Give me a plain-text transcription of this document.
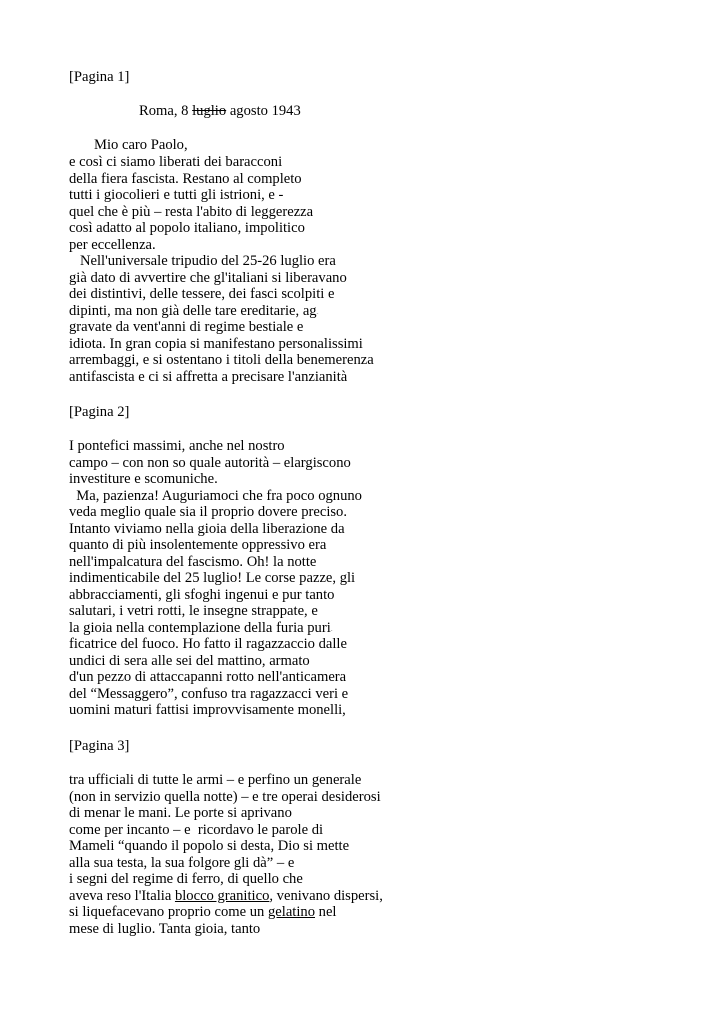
[Pagina 1]
Roma, 8 luglio agosto 1943
Mio caro Paolo,
e così ci siamo liberati dei baracconi
della fiera fascista. Restano al completo
tutti i giocolieri e tutti gli istrioni, e -
quel che è più – resta l'abito di leggerezza
così adatto al popolo italiano, impolitico
per eccellenza.
Nell'universale tripudio del 25-26 luglio era
già dato di avvertire che gl'italiani si liberavano
dei distintivi, delle tessere, dei fasci scolpiti e
dipinti, ma non già delle tare ereditarie, ag-
gravate da vent'anni di regime bestiale e
idiota. In gran copia si manifestano personalissimi
arrembaggi, e si ostentano i titoli della benemerenza
antifascista e ci si affretta a precisare l'anzianità
[Pagina 2]
I pontefici massimi, anche nel nostro
campo – con non so quale autorità – elargiscono
investiture e scomuniche.
Ma, pazienza! Auguriamoci che fra poco ognuno
veda meglio quale sia il proprio dovere preciso.
Intanto viviamo nella gioia della liberazione da
quanto di più insolentemente oppressivo era
nell'impalcatura del fascismo. Oh! la notte
indimenticabile del 25 luglio! Le corse pazze, gli
abbracciamenti, gli sfoghi ingenui e pur tanto
salutari, i vetri rotti, le insegne strappate, e
la gioia nella contemplazione della furia puri-
ficatrice del fuoco. Ho fatto il ragazzaccio dalle
undici di sera alle sei del mattino, armato
d'un pezzo di attaccapanni rotto nell'anticamera
del “Messaggero”, confuso tra ragazzacci veri e
uomini maturi fattisi improvvisamente monelli,
[Pagina 3]
tra ufficiali di tutte le armi – e perfino un generale
(non in servizio quella notte) – e tre operai desiderosi
di menar le mani. Le porte si aprivano
come per incanto – e  ricordavo le parole di
Mameli “quando il popolo si desta, Dio si mette
alla sua testa, la sua folgore gli dà” – e
i segni del regime di ferro, di quello che
aveva reso l'Italia blocco granitico, venivano dispersi,
si liquefacevano proprio come un gelatino nel
mese di luglio. Tanta gioia, tanto
